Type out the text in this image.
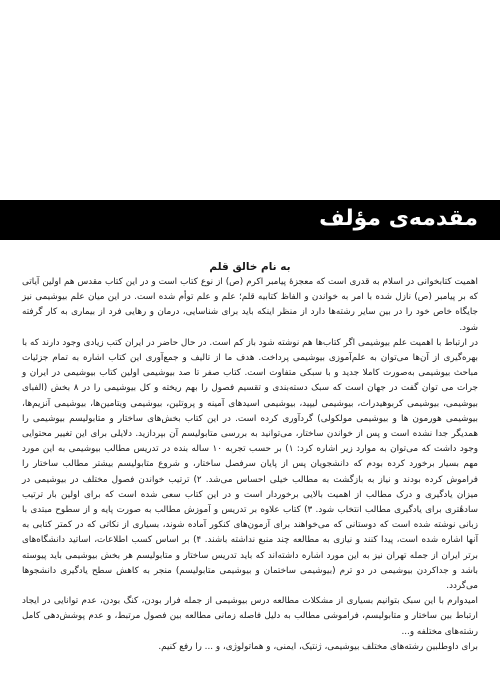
مقدمه‌ی مؤلف
به نام خالق قلم

اهمیت کتابخوانی در اسلام به قدری است که معجزهٔ پیامبر اکرم (ص) از نوع کتاب است و در این کتاب مقدس هم اولین آیاتی که بر پیامبر (ص) نازل شده با امر به خواندن و الفاظ کتابیه قلم؛ علم و علم توأم شده است. در این میان علم بیوشیمی نیز جایگاه خاص خود را در بین سایر رشته‌ها دارد از منظر اینکه باید برای شناسایی، درمان و رهایی فرد از بیماری به کار گرفته شود.

در ارتباط با اهمیت علم بیوشیمی اگر کتاب‌ها هم نوشته شود باز کم است. در حال حاضر در ایران کتب زیادی وجود دارند که با بهره‌گیری از آن‌ها می‌توان به علم‌آموزی بیوشیمی پرداخت. هدف ما از تالیف و جمع‌آوری این کتاب اشاره به تمام جزئیات مباحث بیوشیمی به‌صورت کاملا جدید و با سبکی متفاوت است. کتاب صفر تا صد بیوشیمی اولین کتاب بیوشیمی در ایران و جرات می توان گفت در جهان است که سبک دسته‌بندی و تقسیم فصول را بهم ریخته و کل بیوشیمی را در ۸ بخش (الفبای بیوشیمی، بیوشیمی کربوهیدرات، بیوشیمی لیپید، بیوشیمی اسیدهای آمینه و پروتئین، بیوشیمی ویتامین‌ها، بیوشیمی آنزیم‌ها، بیوشیمی هورمون ها و بیوشیمی مولکولی) گردآوری کرده است. در این کتاب بخش‌های ساختار و متابولیسم بیوشیمی را همدیگر جدا نشده است و پس از خواندن ساختار، می‌توانید به بررسی متابولیسم آن بپردازید. دلایلی برای این تغییر محتوایی وجود داشت که می‌توان به موارد زیر اشاره کرد: ۱) بر حسب تجربه ۱۰ ساله بنده در تدریس مطالب بیوشیمی به این مورد مهم بسیار برخورد کرده بودم که دانشجویان پس از پایان سرفصل ساختار، و شروع متابولیسم بیشتر مطالب ساختار را فراموش کرده بودند و نیاز به بازگشت به مطالب خیلی احساس می‌شد. ۲) ترتیب خواندن فصول مختلف در بیوشیمی در میزان یادگیری و درک مطالب از اهمیت بالایی برخوردار است و در این کتاب سعی شده است که برای اولین بار ترتیب سادهٔتری برای یادگیری مطالب انتخاب شود. ۳) کتاب علاوه بر تدریس و آموزش مطالب به صورت پایه و از سطوح مبتدی با زبانی نوشته شده است که دوستانی که می‌خواهند برای آزمون‌های کنکور آماده شوند، بسیاری از نکاتی که در کمتر کتابی به آنها اشاره شده است، پیدا کنند و نیازی به مطالعه چند منبع نداشته باشند. ۴) بر اساس کسب اطلاعات، اساتید دانشگاه‌های برتر ایران از جمله تهران نیز به این مورد اشاره داشته‌اند که باید تدریس ساختار و متابولیسم هر بخش بیوشیمی باید پیوسته باشد و جداکردن بیوشیمی در دو ترم (بیوشیمی ساختمان و بیوشیمی متابولیسم) منجر به کاهش سطح یادگیری دانشجوها می‌گردد.

امیدوارم با این سبک بتوانیم بسیاری از مشکلات مطالعه درس بیوشیمی از جمله فرار بودن، کنگ بودن، عدم توانایی در ایجاد ارتباط بین ساختار و متابولیسم، فراموشی مطالب به دلیل فاصله زمانی مطالعه بین فصول مرتبط، و عدم پوشش‌دهی کامل رشته‌های مختلفه و...

برای داوطلبین رشته‌های مختلف بیوشیمی، ژنتیک، ایمنی، و هماتولوژی، و ... را رفع کنیم.
